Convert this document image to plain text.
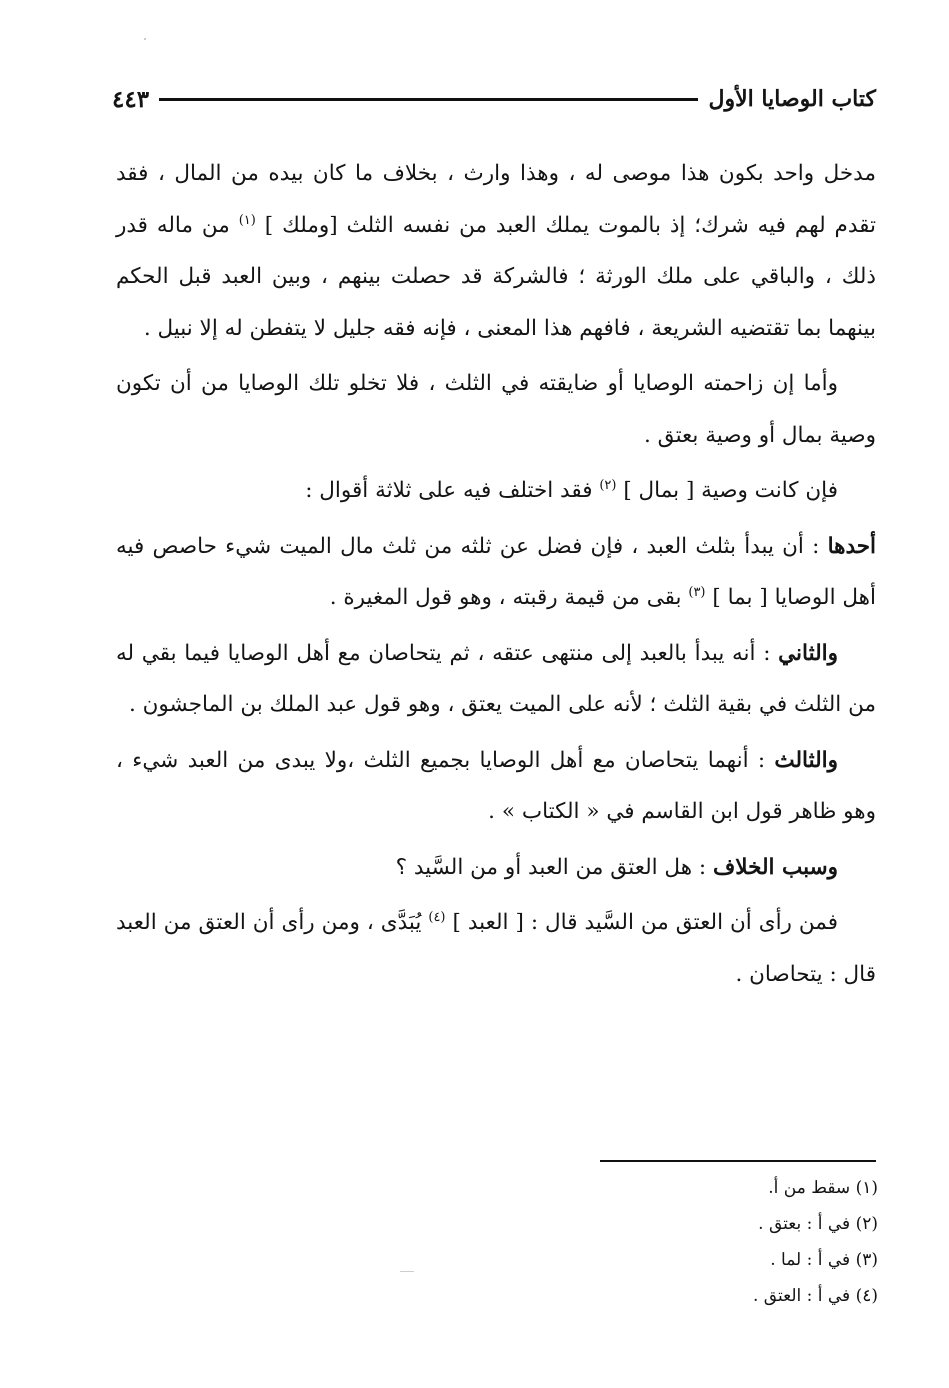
٤٤٣	كتاب الوصايا الأول

مدخل واحد بكون هذا موصى له ، وهذا وارث ، بخلاف ما كان بيده من المال ، فقد تقدم لهم فيه شرك؛ إذ بالموت يملك العبد من نفسه الثلث [وملك ] $^{(١)}$ من ماله قدر ذلك ، والباقي على ملك الورثة ؛ فالشركة قد حصلت بينهم ، وبين العبد قبل الحكم بينهما بما تقتضيه الشريعة ، فافهم هذا المعنى ، فإنه فقه جليل لا يتفطن له إلا نبيل .

وأما إن زاحمته الوصايا أو ضايقته في الثلث ، فلا تخلو تلك الوصايا من أن تكون وصية بمال أو وصية بعتق .

فإن كانت وصية [ بمال ] $^{(٢)}$ فقد اختلف فيه على ثلاثة أقوال :

أحدها : أن يبدأ بثلث العبد ، فإن فضل عن ثلثه من ثلث مال الميت شيء حاصص فيه أهل الوصايا [ بما ] $^{(٣)}$ بقى من قيمة رقبته ، وهو قول المغيرة .

والثاني : أنه يبدأ بالعبد إلى منتهى عتقه ، ثم يتحاصان مع أهل الوصايا فيما بقي له من الثلث في بقية الثلث ؛ لأنه على الميت يعتق ، وهو قول عبد الملك بن الماجشون .

والثالث : أنهما يتحاصان مع أهل الوصايا بجميع الثلث ،ولا يبدى من العبد شيء ، وهو ظاهر قول ابن القاسم في « الكتاب » .

وسبب الخلاف : هل العتق من العبد أو من السَّيد ؟

فمن رأى أن العتق من السَّيد قال : [ العبد ] $^{(٤)}$ يُبَدَّى ، ومن رأى أن العتق من العبد قال : يتحاصان .

(١) سقط من أ.

(٢) في أ : بعتق .

(٣) في أ : لما .

(٤) في أ : العتق .
